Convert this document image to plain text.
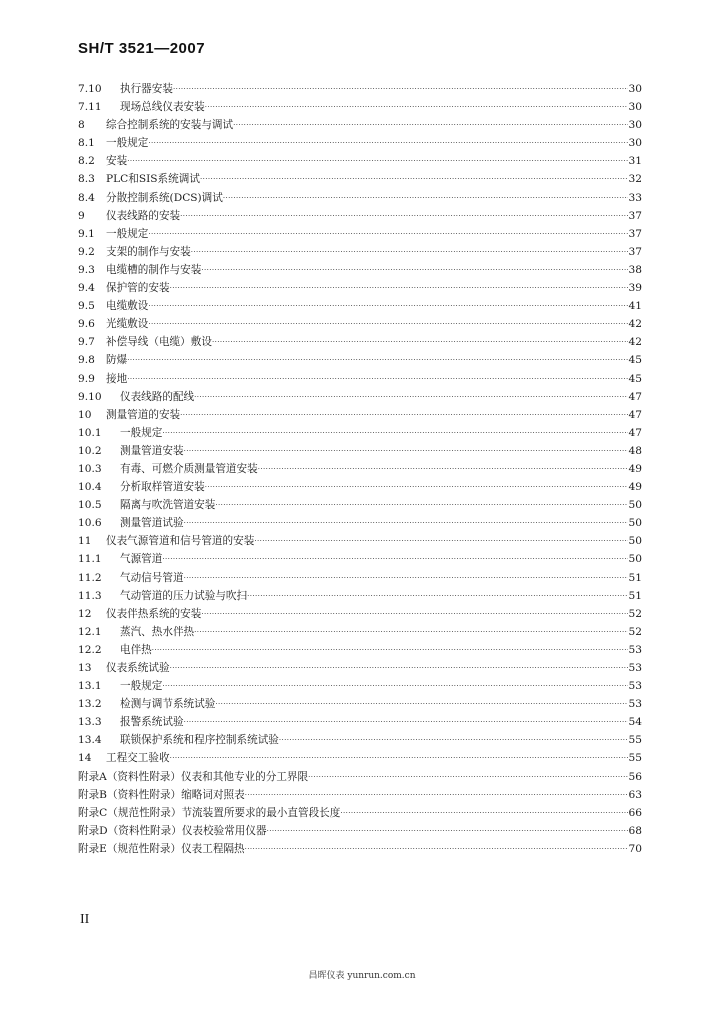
SH/T 3521—2007
7.10	执行器安装 ·····	30
7.11	现场总线仪表安装 ·····	30
8	综合控制系统的安装与调试 ·····	30
8.1	一般规定 ·····	30
8.2	安装 ·····	31
8.3	PLC和SIS系统调试 ·····	32
8.4	分散控制系统(DCS)调试 ·····	33
9	仪表线路的安装 ·····	37
9.1	一般规定 ·····	37
9.2	支架的制作与安装 ·····	37
9.3	电缆槽的制作与安装 ·····	38
9.4	保护管的安装 ·····	39
9.5	电缆敷设 ·····	41
9.6	光缆敷设 ·····	42
9.7	补偿导线（电缆）敷设 ·····	42
9.8	防爆 ·····	45
9.9	接地 ·····	45
9.10	仪表线路的配线 ·····	47
10	测量管道的安装 ·····	47
10.1	一般规定 ·····	47
10.2	测量管道安装 ·····	48
10.3	有毒、可燃介质测量管道安装 ·····	49
10.4	分析取样管道安装 ·····	49
10.5	隔离与吹洗管道安装 ·····	50
10.6	测量管道试验 ·····	50
11	仪表气源管道和信号管道的安装 ·····	50
11.1	气源管道 ·····	50
11.2	气动信号管道 ·····	51
11.3	气动管道的压力试验与吹扫 ·····	51
12	仪表伴热系统的安装 ·····	52
12.1	蒸汽、热水伴热 ·····	52
12.2	电伴热 ·····	53
13	仪表系统试验 ·····	53
13.1	一般规定 ·····	53
13.2	检测与调节系统试验 ·····	53
13.3	报警系统试验 ·····	54
13.4	联锁保护系统和程序控制系统试验 ·····	55
14	工程交工验收 ·····	55
附录A（资料性附录）仪表和其他专业的分工界限 ·····	56
附录B（资料性附录）缩略词对照表 ·····	63
附录C（规范性附录）节流装置所要求的最小直管段长度 ·····	66
附录D（资料性附录）仪表校验常用仪器 ·····	68
附录E（规范性附录）仪表工程隔热 ·····	70
II
昌晖仪表 yunrun.com.cn
